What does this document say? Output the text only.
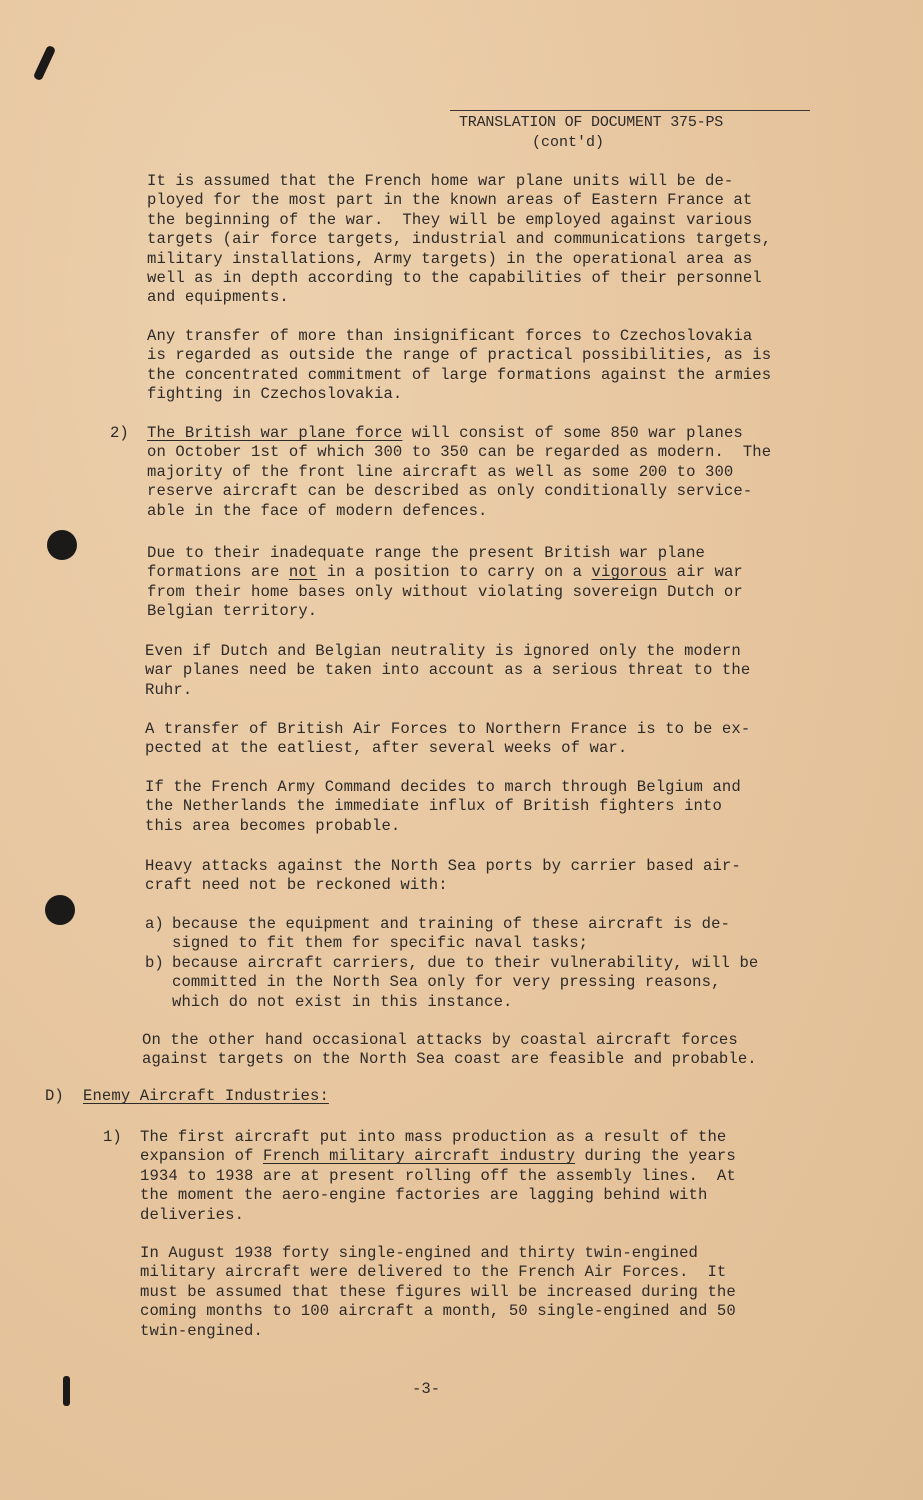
TRANSLATION OF DOCUMENT 375-PS
(cont'd)
It is assumed that the French home war plane units will be de-
ployed for the most part in the known areas of Eastern France at
the beginning of the war.  They will be employed against various
targets (air force targets, industrial and communications targets,
military installations, Army targets) in the operational area as
well as in depth according to the capabilities of their personnel
and equipments.
Any transfer of more than insignificant forces to Czechoslovakia
is regarded as outside the range of practical possibilities, as is
the concentrated commitment of large formations against the armies
fighting in Czechoslovakia.
2) The British war plane force will consist of some 850 war planes
on October 1st of which 300 to 350 can be regarded as modern.  The
majority of the front line aircraft as well as some 200 to 300
reserve aircraft can be described as only conditionally service-
able in the face of modern defences.
Due to their inadequate range the present British war plane
formations are not in a position to carry on a vigorous air war
from their home bases only without violating sovereign Dutch or
Belgian territory.
Even if Dutch and Belgian neutrality is ignored only the modern
war planes need be taken into account as a serious threat to the
Ruhr.
A transfer of British Air Forces to Northern France is to be ex-
pected at the eatliest, after several weeks of war.
If the French Army Command decides to march through Belgium and
the Netherlands the immediate influx of British fighters into
this area becomes probable.
Heavy attacks against the North Sea ports by carrier based air-
craft need not be reckoned with:
a) because the equipment and training of these aircraft is de-
signed to fit them for specific naval tasks;
b) because aircraft carriers, due to their vulnerability, will be
committed in the North Sea only for very pressing reasons,
which do not exist in this instance.
On the other hand occasional attacks by coastal aircraft forces
against targets on the North Sea coast are feasible and probable.
D) Enemy Aircraft Industries:
1) The first aircraft put into mass production as a result of the
expansion of French military aircraft industry during the years
1934 to 1938 are at present rolling off the assembly lines.  At
the moment the aero-engine factories are lagging behind with
deliveries.
In August 1938 forty single-engined and thirty twin-engined
military aircraft were delivered to the French Air Forces.  It
must be assumed that these figures will be increased during the
coming months to 100 aircraft a month, 50 single-engined and 50
twin-engined.
-3-
